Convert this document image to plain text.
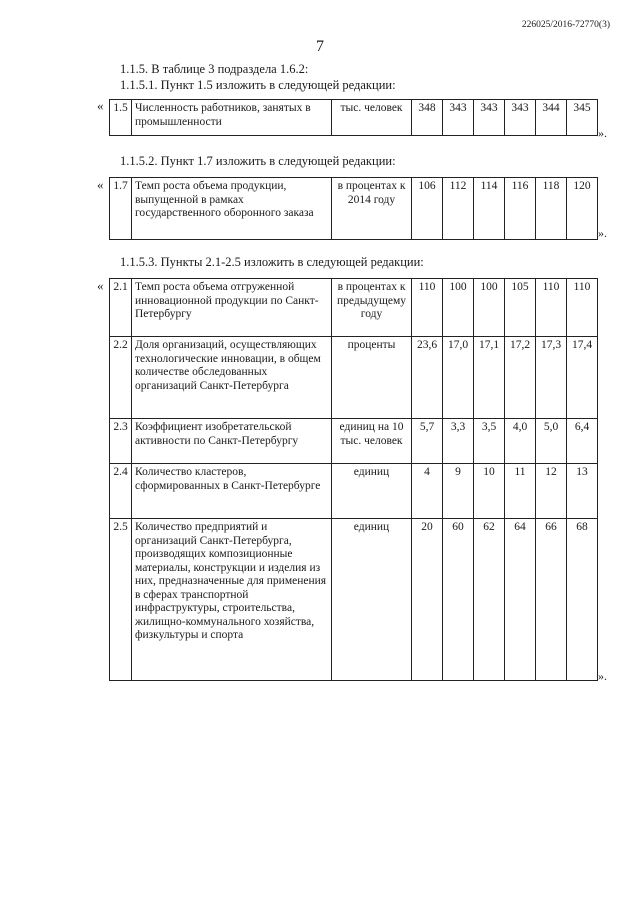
226025/2016-72770(3)
7
1.1.5. В таблице 3 подраздела 1.6.2:
1.1.5.1. Пункт 1.5 изложить в следующей редакции:
« 1.5	Численность работников, занятых в промышленности	тыс. человек	348	343	343	343	344	345
».
1.1.5.2. Пункт 1.7 изложить в следующей редакции:
« 1.7	Темп роста объема продукции, выпущенной в рамках государственного оборонного заказа	в процентах к 2014 году	106	112	114	116	118	120
».
1.1.5.3. Пункты 2.1-2.5 изложить в следующей редакции:
« 2.1	Темп роста объема отгруженной инновационной продукции по Санкт-Петербургу	в процентах к предыдущему году	110	100	100	105	110	110
2.2	Доля организаций, осуществляющих технологические инновации, в общем количестве обследованных организаций Санкт-Петербурга	проценты	23,6	17,0	17,1	17,2	17,3	17,4
2.3	Коэффициент изобретательской активности по Санкт-Петербургу	единиц на 10 тыс. человек	5,7	3,3	3,5	4,0	5,0	6,4
2.4	Количество кластеров, сформированных в Санкт-Петербурге	единиц	4	9	10	11	12	13
2.5	Количество предприятий и организаций Санкт-Петербурга, производящих композиционные материалы, конструкции и изделия из них, предназначенные для применения в сферах транспортной инфраструктуры, строительства, жилищно-коммунального хозяйства, физкультуры и спорта	единиц	20	60	62	64	66	68
».
